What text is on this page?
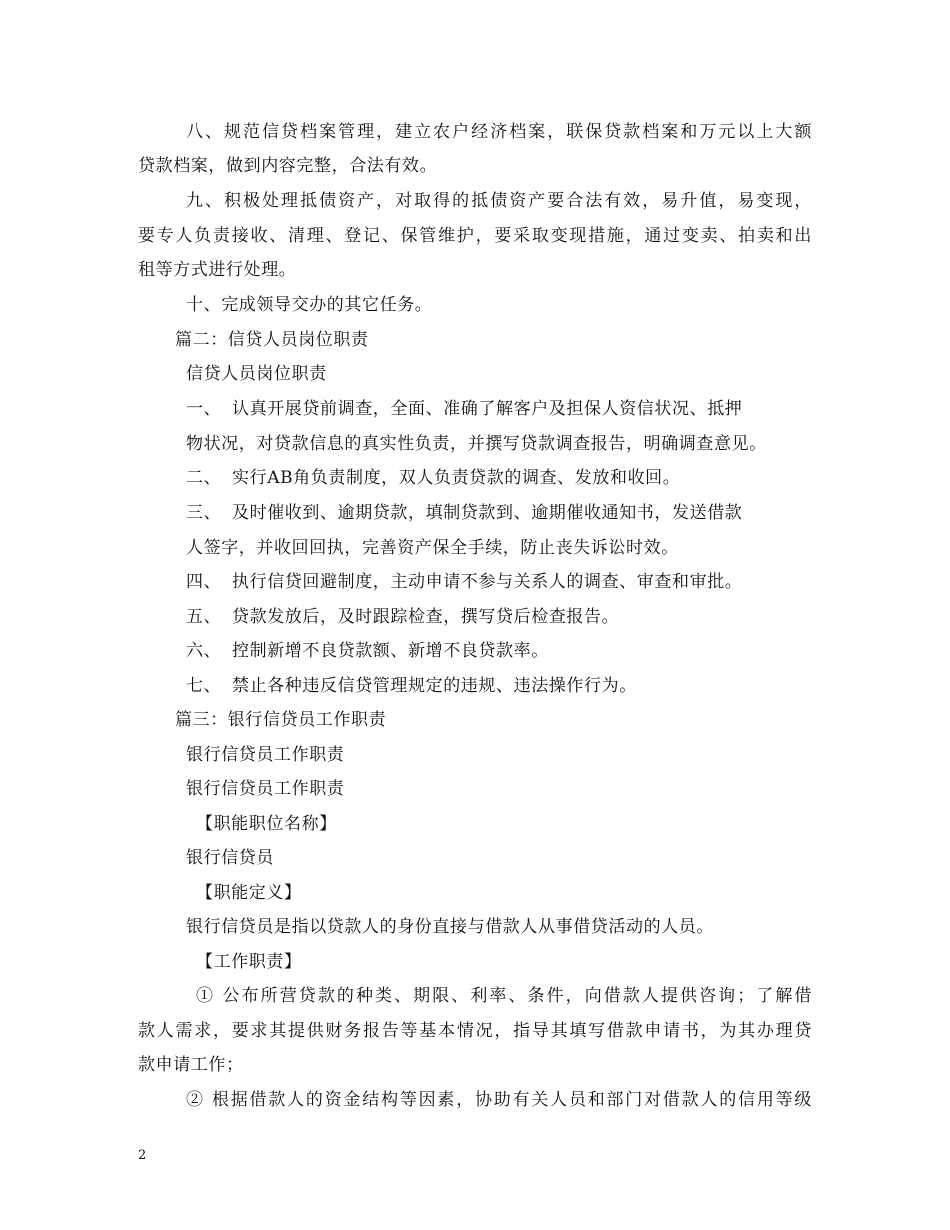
八、规范信贷档案管理，建立农户经济档案，联保贷款档案和万元以上大额
贷款档案，做到内容完整，合法有效。
九、积极处理抵债资产，对取得的抵债资产要合法有效，易升值，易变现，
要专人负责接收、清理、登记、保管维护，要采取变现措施，通过变卖、拍卖和出
租等方式进行处理。
十、完成领导交办的其它任务。
篇二：信贷人员岗位职责
信贷人员岗位职责
一、 认真开展贷前调查，全面、准确了解客户及担保人资信状况、抵押
物状况，对贷款信息的真实性负责，并撰写贷款调查报告，明确调查意见。
二、 实行AB角负责制度，双人负责贷款的调查、发放和收回。
三、 及时催收到、逾期贷款，填制贷款到、逾期催收通知书，发送借款
人签字，并收回回执，完善资产保全手续，防止丧失诉讼时效。
四、 执行信贷回避制度，主动申请不参与关系人的调查、审查和审批。
五、 贷款发放后，及时跟踪检查，撰写贷后检查报告。
六、 控制新增不良贷款额、新增不良贷款率。
七、 禁止各种违反信贷管理规定的违规、违法操作行为。
篇三：银行信贷员工作职责
银行信贷员工作职责
银行信贷员工作职责
【职能职位名称】
银行信贷员
【职能定义】
银行信贷员是指以贷款人的身份直接与借款人从事借贷活动的人员。
【工作职责】
① 公布所营贷款的种类、期限、利率、条件，向借款人提供咨询；了解借
款人需求，要求其提供财务报告等基本情况，指导其填写借款申请书，为其办理贷
款申请工作；
② 根据借款人的资金结构等因素，协助有关人员和部门对借款人的信用等级
2
